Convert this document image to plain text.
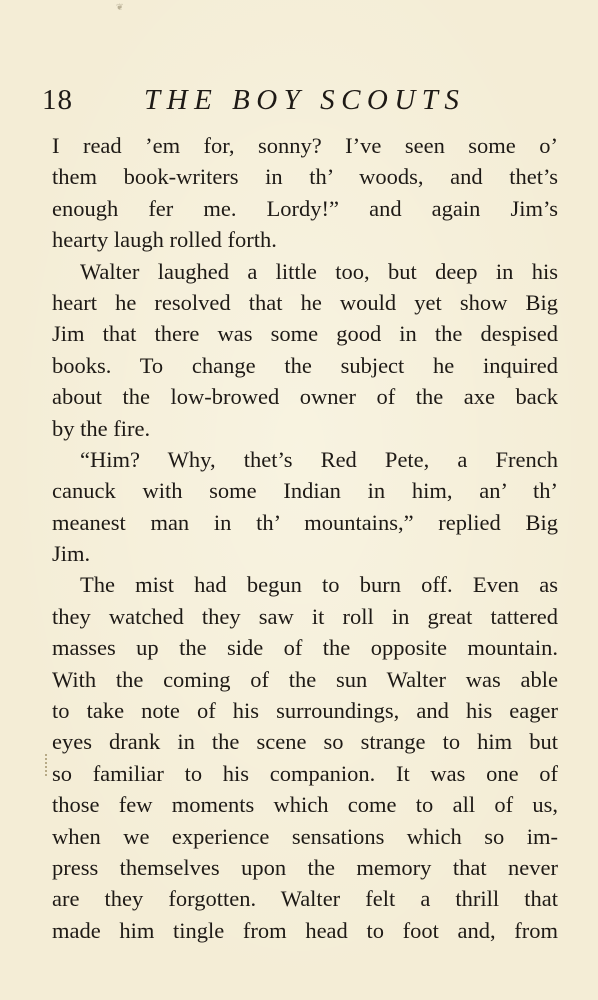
❦
18 THE BOY SCOUTS
I read ’em for, sonny? I’ve seen some o’
them book-writers in th’ woods, and thet’s
enough fer me. Lordy!” and again Jim’s
hearty laugh rolled forth.
Walter laughed a little too, but deep in his
heart he resolved that he would yet show Big
Jim that there was some good in the despised
books. To change the subject he inquired
about the low-browed owner of the axe back
by the fire.
“Him? Why, thet’s Red Pete, a French
canuck with some Indian in him, an’ th’
meanest man in th’ mountains,” replied Big
Jim.
The mist had begun to burn off. Even as
they watched they saw it roll in great tattered
masses up the side of the opposite mountain.
With the coming of the sun Walter was able
to take note of his surroundings, and his eager
eyes drank in the scene so strange to him but
so familiar to his companion. It was one of
those few moments which come to all of us,
when we experience sensations which so im-
press themselves upon the memory that never
are they forgotten. Walter felt a thrill that
made him tingle from head to foot and, from
